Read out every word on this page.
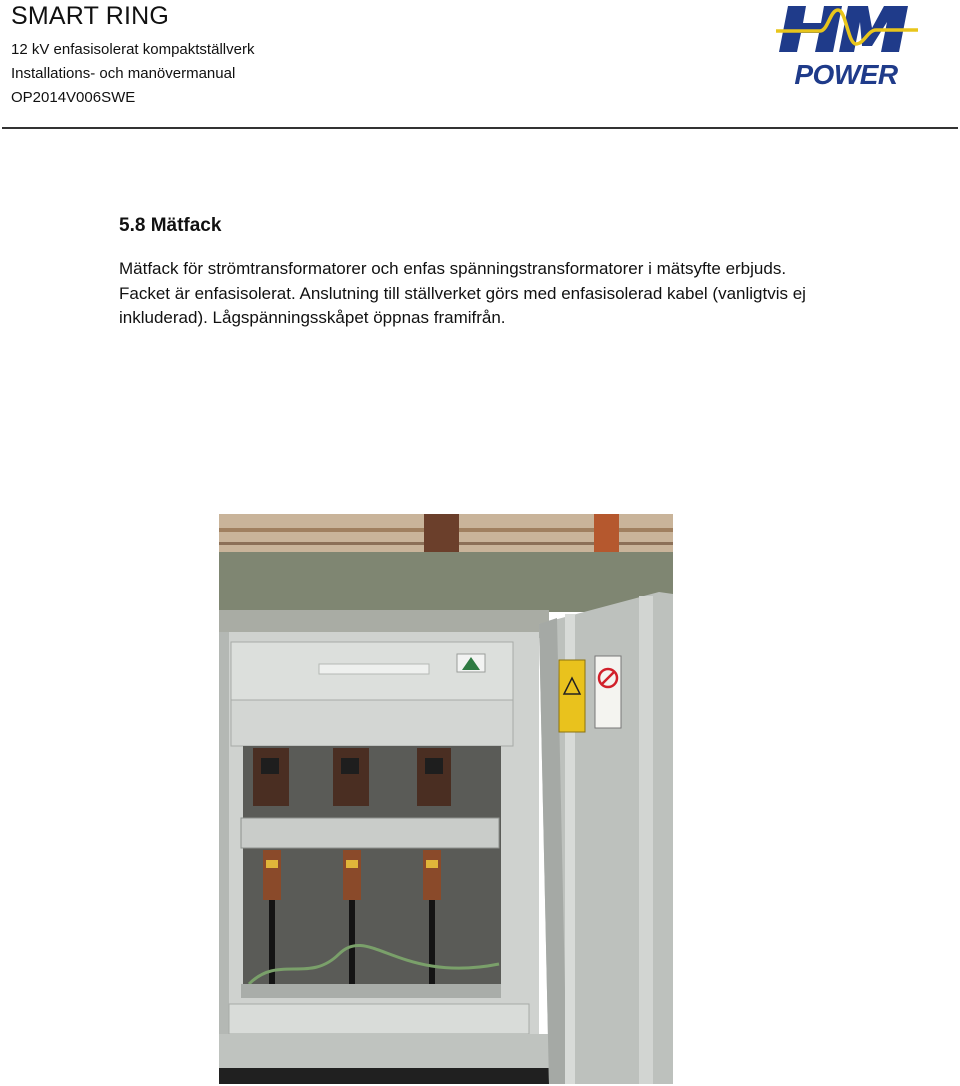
SMART RING
12 kV enfasisolerat kompaktställverk
Installations- och manövermanual
OP2014V006SWE
POWER
5.8 Mätfack

Mätfack för strömtransformatorer och enfas spänningstransformatorer i mätsyfte erbjuds. Facket är enfasisolerat. Anslutning till ställverket görs med enfasisolerad kabel (vanligtvis ej inkluderad). Lågspänningsskåpet öppnas framifrån.
